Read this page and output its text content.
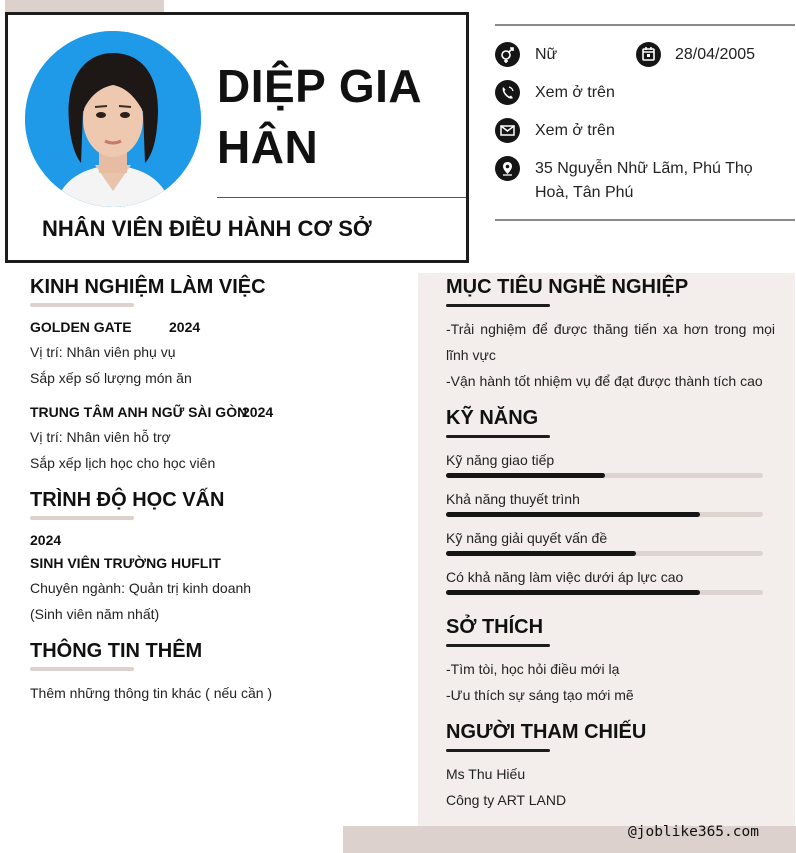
DIỆP GIA HÂN
NHÂN VIÊN ĐIỀU HÀNH CƠ SỞ
Nữ	28/04/2005
Xem ở trên
Xem ở trên
35 Nguyễn Nhữ Lãm, Phú Thọ
Hoà, Tân Phú
@joblike365.com
KINH NGHIỆM LÀM VIỆC
GOLDEN GATE	2024
Vị trí: Nhân viên phụ vụ
Sắp xếp số lượng món ăn
TRUNG TÂM ANH NGỮ SÀI GÒN
2024
Vị trí: Nhân viên hỗ trợ
Sắp xếp lịch học cho học viên
TRÌNH ĐỘ HỌC VẤN
2024
SINH VIÊN TRƯỜNG HUFLIT
Chuyên ngành: Quản trị kinh doanh
(Sinh viên năm nhất)
THÔNG TIN THÊM
Thêm những thông tin khác ( nếu cần )
MỤC TIÊU NGHỀ NGHIỆP
-Trải nghiệm để được thăng tiến xa hơn trong mọi lĩnh vực
-Vận hành tốt nhiệm vụ để đạt được thành tích cao
KỸ NĂNG
Kỹ năng giao tiếp
Khả năng thuyết trình
Kỹ năng giải quyết vấn đề
Có khả năng làm việc dưới áp lực cao
SỞ THÍCH
-Tìm tòi, học hỏi điều mới lạ
-Ưu thích sự sáng tạo mới mẽ
NGƯỜI THAM CHIẾU
Ms Thu Hiếu
Công ty ART LAND
